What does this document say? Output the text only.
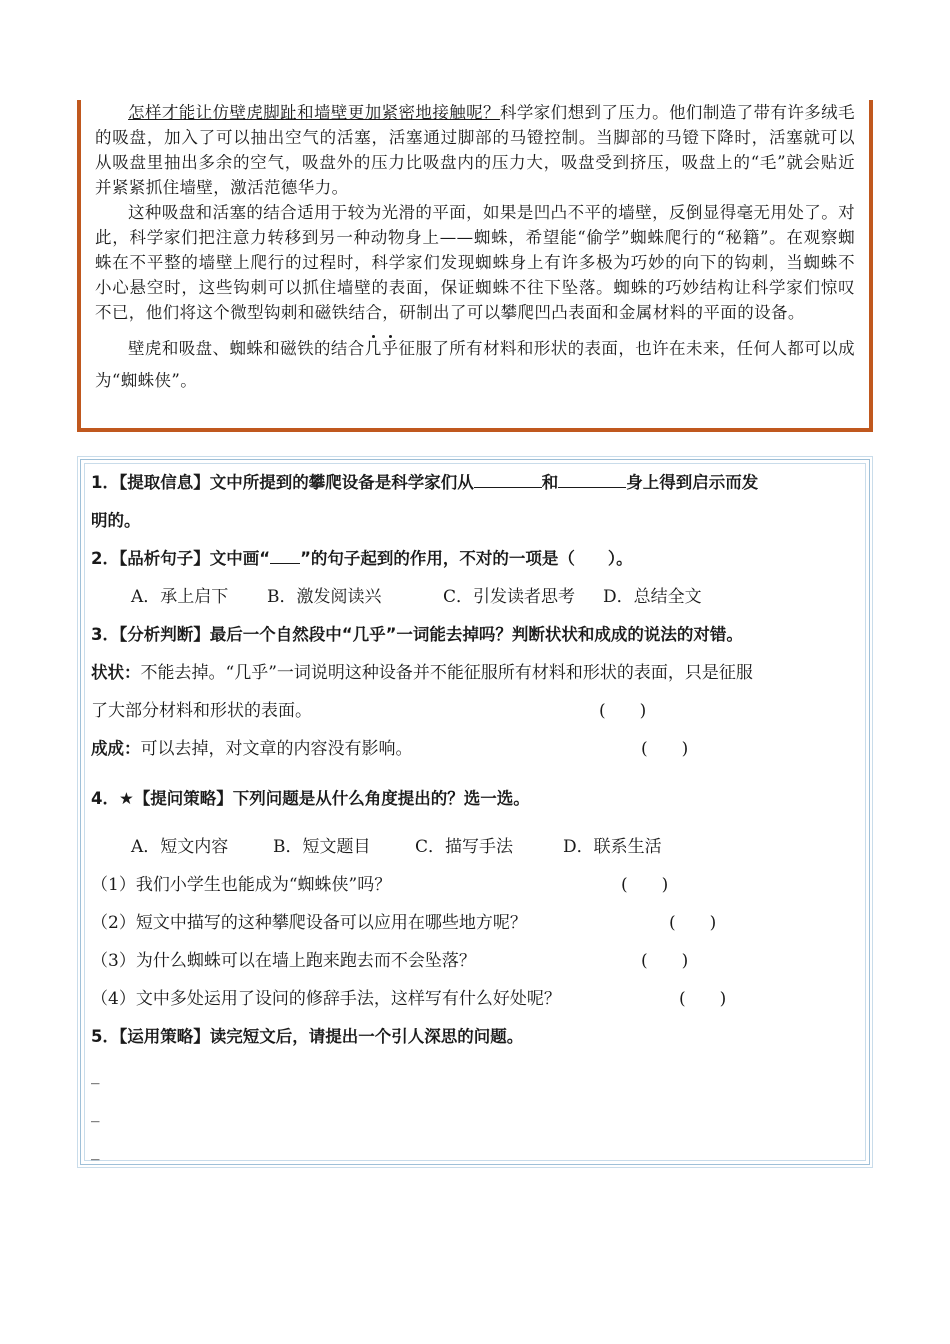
怎样才能让仿壁虎脚趾和墙壁更加紧密地接触呢？科学家们想到了压力。他们制造了带有许多绒毛的吸盘，加入了可以抽出空气的活塞，活塞通过脚部的马镫控制。当脚部的马镫下降时，活塞就可以从吸盘里抽出多余的空气，吸盘外的压力比吸盘内的压力大，吸盘受到挤压，吸盘上的“毛”就会贴近并紧紧抓住墙壁，激活范德华力。

这种吸盘和活塞的结合适用于较为光滑的平面，如果是凹凸不平的墙壁，反倒显得毫无用处了。对此，科学家们把注意力转移到另一种动物身上——蜘蛛，希望能“偷学”蜘蛛爬行的“秘籍”。在观察蜘蛛在不平整的墙壁上爬行的过程时，科学家们发现蜘蛛身上有许多极为巧妙的向下的钩刺，当蜘蛛不小心悬空时，这些钩刺可以抓住墙壁的表面，保证蜘蛛不往下坠落。蜘蛛的巧妙结构让科学家们惊叹不已，他们将这个微型钩刺和磁铁结合，研制出了可以攀爬凹凸表面和金属材料的平面的设备。

壁虎和吸盘、蜘蛛和磁铁的结合几乎征服了所有材料和形状的表面，也许在未来，任何人都可以成为“蜘蛛侠”。

1．【提取信息】文中所提到的攀爬设备是科学家们从	和	身上得到启示而发
明的。
2．【品析句子】文中画“ ”的句子起到的作用，不对的一项是（　　）。
A．承上启下 B．激发阅读兴	C．引发读者思考 D．总结全文
3．【分析判断】最后一个自然段中“几乎”一词能去掉吗？判断状状和成成的说法的对错。
状状：不能去掉。“几乎”一词说明这种设备并不能征服所有材料和形状的表面，只是征服
了大部分材料和形状的表面。	(　　)
成成：可以去掉，对文章的内容没有影响。	(　　)
4．★【提问策略】下列问题是从什么角度提出的？选一选。
A．短文内容	B．短文题目	C．描写手法	D．联系生活
（1）我们小学生也能成为“蜘蛛侠”吗？	(　　)
（2）短文中描写的这种攀爬设备可以应用在哪些地方呢？	(　　)
（3）为什么蜘蛛可以在墙上跑来跑去而不会坠落？	(　　)
（4）文中多处运用了设问的修辞手法，这样写有什么好处呢？	(　　)
5．【运用策略】读完短文后，请提出一个引人深思的问题。
_
_
_
